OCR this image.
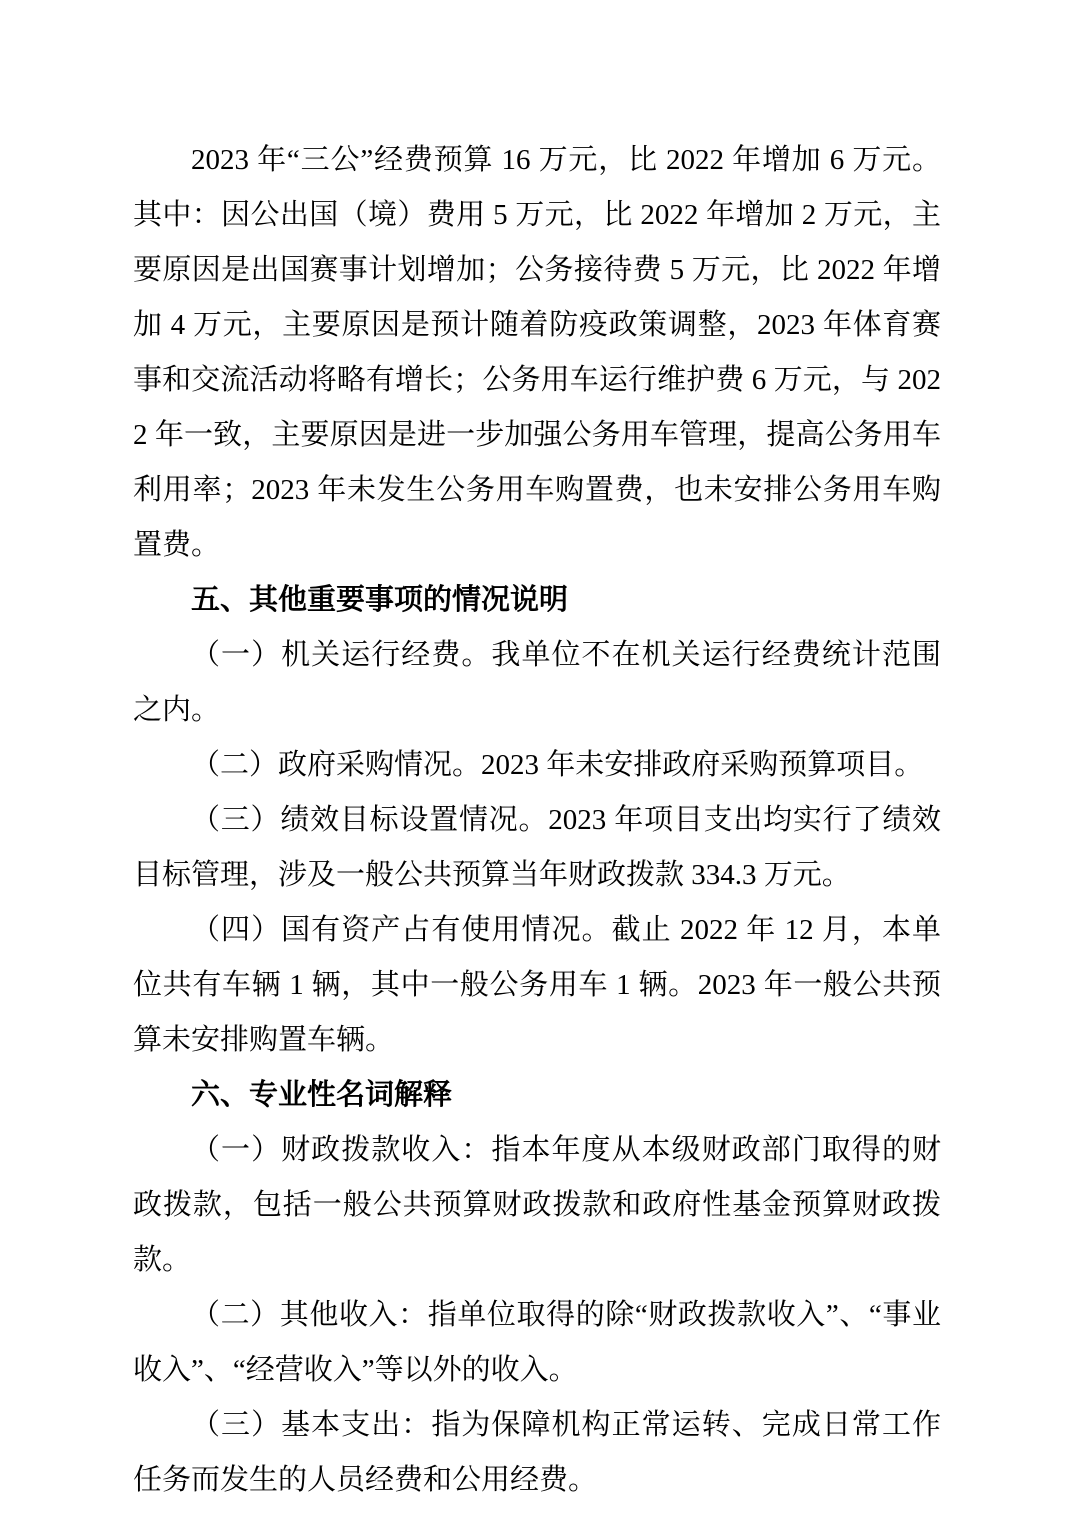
2023 年“三公”经费预算 16 万元，比 2022 年增加 6 万元。其中：因公出国（境）费用 5 万元，比 2022 年增加 2 万元，主要原因是出国赛事计划增加；公务接待费 5 万元，比 2022 年增加 4 万元，主要原因是预计随着防疫政策调整，2023 年体育赛事和交流活动将略有增长；公务用车运行维护费 6 万元，与 2022 年一致，主要原因是进一步加强公务用车管理，提高公务用车利用率；2023 年未发生公务用车购置费，也未安排公务用车购置费。

五、其他重要事项的情况说明

（一）机关运行经费。我单位不在机关运行经费统计范围之内。

（二）政府采购情况。2023 年未安排政府采购预算项目。

（三）绩效目标设置情况。2023 年项目支出均实行了绩效目标管理，涉及一般公共预算当年财政拨款 334.3 万元。

（四）国有资产占有使用情况。截止 2022 年 12 月，本单位共有车辆 1 辆，其中一般公务用车 1 辆。2023 年一般公共预算未安排购置车辆。

六、专业性名词解释

（一）财政拨款收入：指本年度从本级财政部门取得的财政拨款，包括一般公共预算财政拨款和政府性基金预算财政拨款。

（二）其他收入：指单位取得的除“财政拨款收入”、“事业收入”、“经营收入”等以外的收入。

（三）基本支出：指为保障机构正常运转、完成日常工作任务而发生的人员经费和公用经费。
